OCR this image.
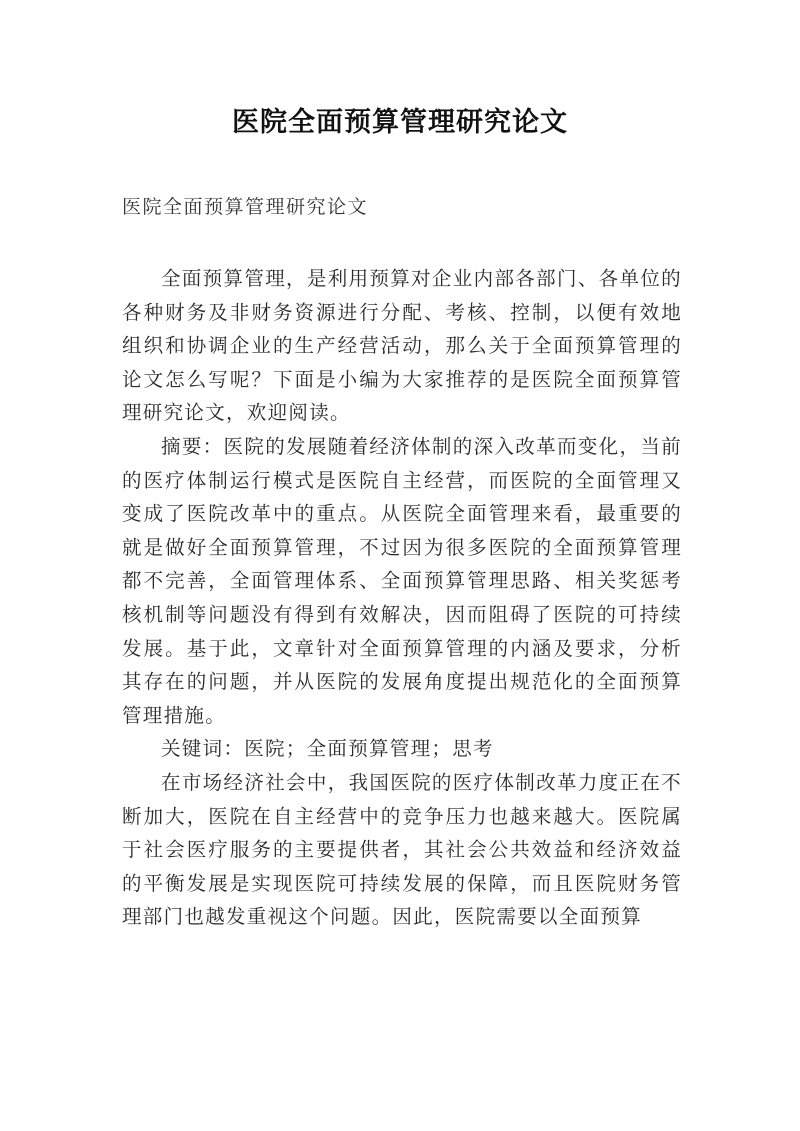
医院全面预算管理研究论文
医院全面预算管理研究论文

全面预算管理，是利用预算对企业内部各部门、各单位的各种财务及非财务资源进行分配、考核、控制，以便有效地组织和协调企业的生产经营活动，那么关于全面预算管理的论文怎么写呢？下面是小编为大家推荐的是医院全面预算管理研究论文，欢迎阅读。

摘要：医院的发展随着经济体制的深入改革而变化，当前的医疗体制运行模式是医院自主经营，而医院的全面管理又变成了医院改革中的重点。从医院全面管理来看，最重要的就是做好全面预算管理，不过因为很多医院的全面预算管理都不完善，全面管理体系、全面预算管理思路、相关奖惩考核机制等问题没有得到有效解决，因而阻碍了医院的可持续发展。基于此，文章针对全面预算管理的内涵及要求，分析其存在的问题，并从医院的发展角度提出规范化的全面预算管理措施。

关键词：医院；全面预算管理；思考

在市场经济社会中，我国医院的医疗体制改革力度正在不断加大，医院在自主经营中的竞争压力也越来越大。医院属于社会医疗服务的主要提供者，其社会公共效益和经济效益的平衡发展是实现医院可持续发展的保障，而且医院财务管理部门也越发重视这个问题。因此，医院需要以全面预算
